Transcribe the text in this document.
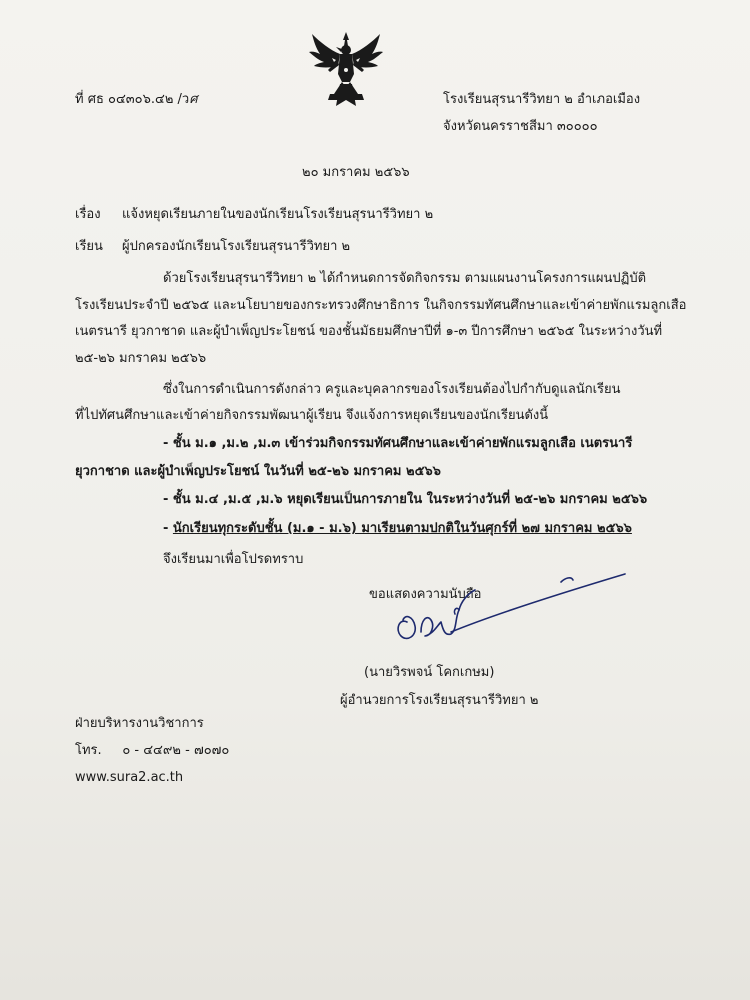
ที่ ศธ ๐๔๓๐๖.๔๒ /วศ	โรงเรียนสุรนารีวิทยา ๒ อำเภอเมือง
จังหวัดนครราชสีมา ๓๐๐๐๐
๒๐ มกราคม ๒๕๖๖
เรื่อง แจ้งหยุดเรียนภายในของนักเรียนโรงเรียนสุรนารีวิทยา ๒
เรียน ผู้ปกครองนักเรียนโรงเรียนสุรนารีวิทยา ๒
ด้วยโรงเรียนสุรนารีวิทยา ๒ ได้กำหนดการจัดกิจกรรม ตามแผนงานโครงการแผนปฏิบัติ
โรงเรียนประจำปี ๒๕๖๕ และนโยบายของกระทรวงศึกษาธิการ ในกิจกรรมทัศนศึกษาและเข้าค่ายพักแรมลูกเสือ
เนตรนารี ยุวกาชาด และผู้บำเพ็ญประโยชน์ ของชั้นมัธยมศึกษาปีที่ ๑-๓ ปีการศึกษา ๒๕๖๕ ในระหว่างวันที่
๒๕-๒๖ มกราคม ๒๕๖๖
ซึ่งในการดำเนินการดังกล่าว ครูและบุคลากรของโรงเรียนต้องไปกำกับดูแลนักเรียน
ที่ไปทัศนศึกษาและเข้าค่ายกิจกรรมพัฒนาผู้เรียน จึงแจ้งการหยุดเรียนของนักเรียนดังนี้
- ชั้น ม.๑ ,ม.๒ ,ม.๓ เข้าร่วมกิจกรรมทัศนศึกษาและเข้าค่ายพักแรมลูกเสือ เนตรนารี
ยุวกาชาด และผู้บำเพ็ญประโยชน์ ในวันที่ ๒๕-๒๖ มกราคม ๒๕๖๖
- ชั้น ม.๔ ,ม.๕ ,ม.๖ หยุดเรียนเป็นการภายใน ในระหว่างวันที่ ๒๕-๒๖ มกราคม ๒๕๖๖
- นักเรียนทุกระดับชั้น (ม.๑ - ม.๖) มาเรียนตามปกติในวันศุกร์ที่ ๒๗ มกราคม ๒๕๖๖
จึงเรียนมาเพื่อโปรดทราบ
ขอแสดงความนับถือ
(นายวิรพจน์ โคกเกษม)
ผู้อำนวยการโรงเรียนสุรนารีวิทยา ๒
ฝ่ายบริหารงานวิชาการ
โทร.     ๐ - ๔๔๙๒ - ๗๐๗๐
www.sura2.ac.th
